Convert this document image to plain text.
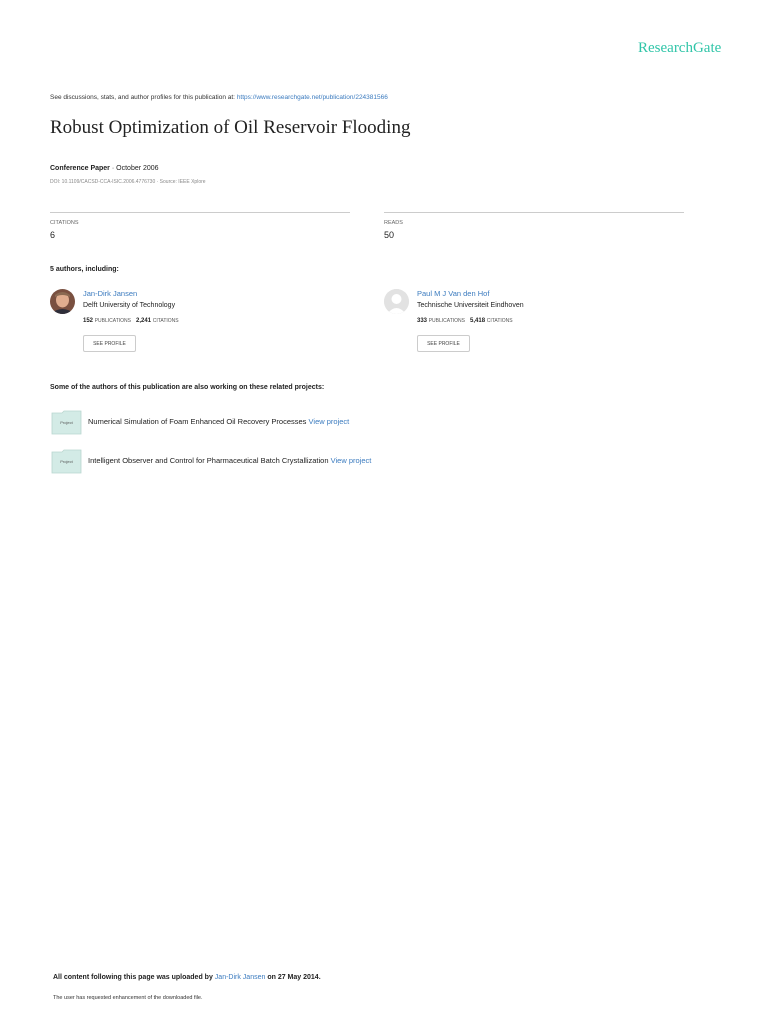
ResearchGate
See discussions, stats, and author profiles for this publication at: https://www.researchgate.net/publication/224381566
Robust Optimization of Oil Reservoir Flooding
Conference Paper · October 2006
DOI: 10.1109/CACSD-CCA-ISIC.2006.4776730 · Source: IEEE Xplore
CITATIONS
6
READS
50
5 authors, including:
Jan-Dirk Jansen
Delft University of Technology
152 PUBLICATIONS 2,241 CITATIONS
SEE PROFILE
Paul M J Van den Hof
Technische Universiteit Eindhoven
333 PUBLICATIONS 5,418 CITATIONS
SEE PROFILE
Some of the authors of this publication are also working on these related projects:
Project	Numerical Simulation of Foam Enhanced Oil Recovery Processes View project
Project	Intelligent Observer and Control for Pharmaceutical Batch Crystallization View project
All content following this page was uploaded by Jan-Dirk Jansen on 27 May 2014.
The user has requested enhancement of the downloaded file.
